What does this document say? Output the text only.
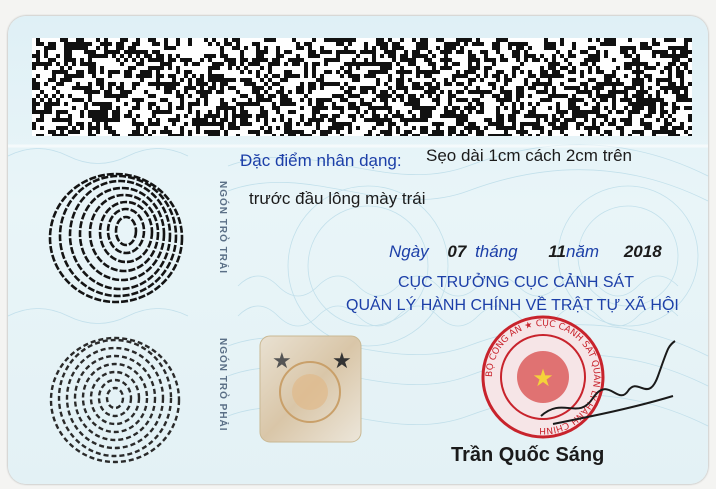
NGÓN TRỎ TRÁI
NGÓN TRỎ PHẢI
Đặc điểm nhân dạng: Sẹo dài 1cm cách 2cm trên
trước đầu lông mày trái
Ngày 07 tháng 11năm 2018
CỤC TRƯỞNG CỤC CẢNH SÁT
QUẢN LÝ HÀNH CHÍNH VỀ TRẬT TỰ XÃ HỘI
★ ★
★
BỘ CÔNG AN ★ CỤC CẢNH SÁT QUẢN LÝ HÀNH CHÍNH
Trần Quốc Sáng
